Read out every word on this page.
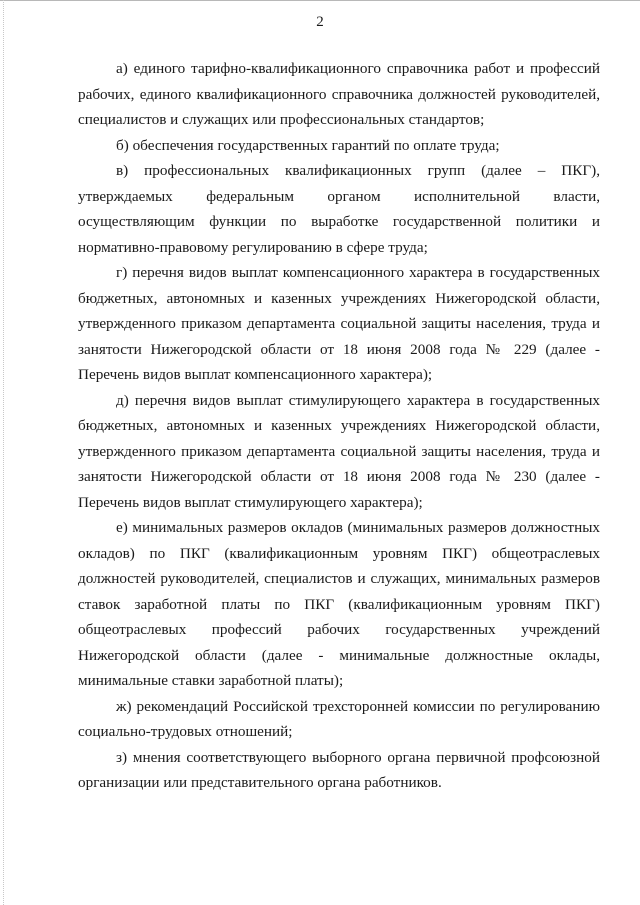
2

а) единого тарифно-квалификационного справочника работ и профессий рабочих, единого квалификационного справочника должностей руководителей, специалистов и служащих или профессиональных стандартов;

б) обеспечения государственных гарантий по оплате труда;

в) профессиональных квалификационных групп (далее – ПКГ), утверждаемых федеральным органом исполнительной власти, осуществляющим функции по выработке государственной политики и нормативно-правовому регулированию в сфере труда;

г) перечня видов выплат компенсационного характера в государственных бюджетных, автономных и казенных учреждениях Нижегородской области, утвержденного приказом департамента социальной защиты населения, труда и занятости Нижегородской области от 18 июня 2008 года № 229 (далее - Перечень видов выплат компенсационного характера);

д) перечня видов выплат стимулирующего характера в государственных бюджетных, автономных и казенных учреждениях Нижегородской области, утвержденного приказом департамента социальной защиты населения, труда и занятости Нижегородской области от 18 июня 2008 года № 230 (далее - Перечень видов выплат стимулирующего характера);

е) минимальных размеров окладов (минимальных размеров должностных окладов) по ПКГ (квалификационным уровням ПКГ) общеотраслевых должностей руководителей, специалистов и служащих, минимальных размеров ставок заработной платы по ПКГ (квалификационным уровням ПКГ) общеотраслевых профессий рабочих государственных учреждений Нижегородской области (далее - минимальные должностные оклады, минимальные ставки заработной платы);

ж) рекомендаций Российской трехсторонней комиссии по регулированию социально-трудовых отношений;

з) мнения соответствующего выборного органа первичной профсоюзной организации или представительного органа работников.
